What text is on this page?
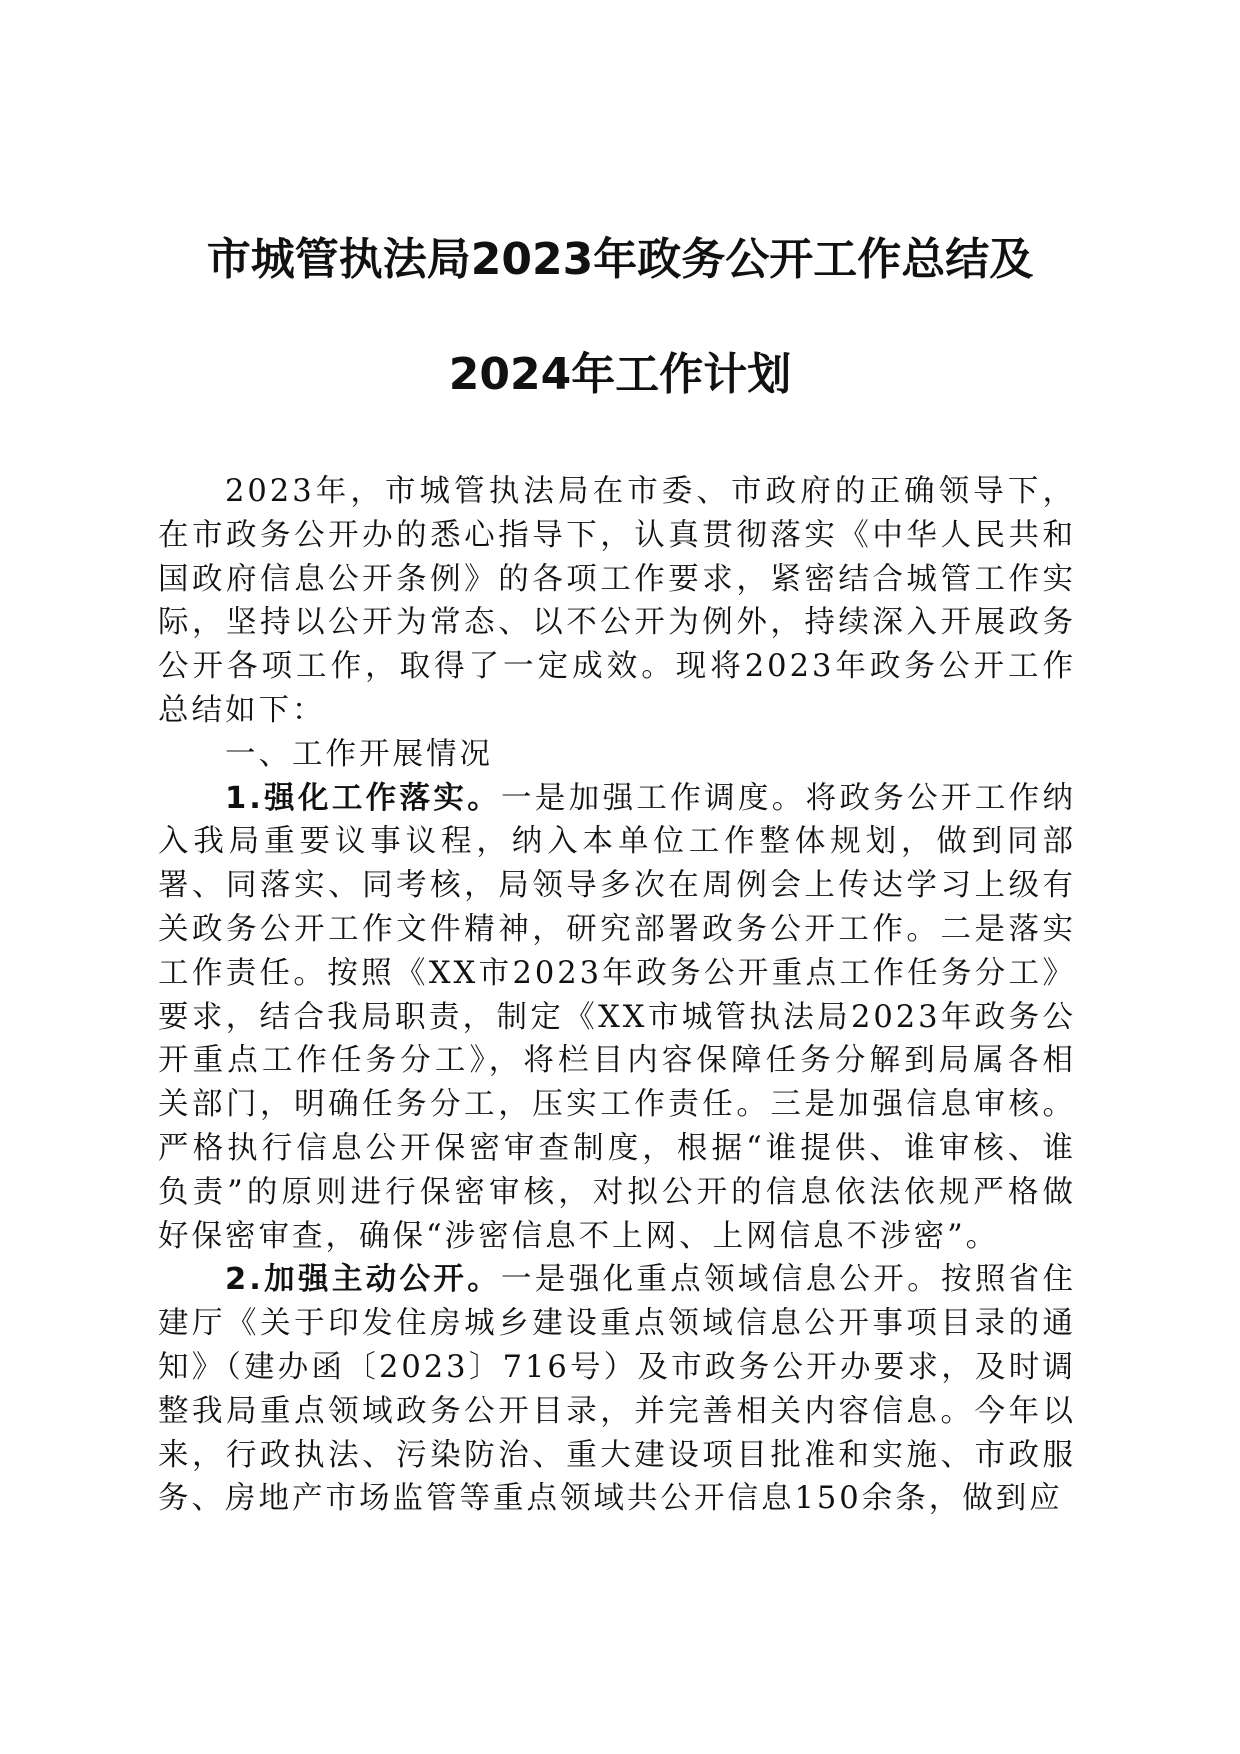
市城管执法局2023年政务公开工作总结及
2024年工作计划

2023年，市城管执法局在市委、市政府的正确领导下，在市政务公开办的悉心指导下，认真贯彻落实《中华人民共和国政府信息公开条例》的各项工作要求，紧密结合城管工作实际，坚持以公开为常态、以不公开为例外，持续深入开展政务公开各项工作，取得了一定成效。现将2023年政务公开工作总结如下：

一、工作开展情况

1.强化工作落实。一是加强工作调度。将政务公开工作纳入我局重要议事议程，纳入本单位工作整体规划，做到同部署、同落实、同考核，局领导多次在周例会上传达学习上级有关政务公开工作文件精神，研究部署政务公开工作。二是落实工作责任。按照《XX市2023年政务公开重点工作任务分工》要求，结合我局职责，制定《XX市城管执法局2023年政务公开重点工作任务分工》，将栏目内容保障任务分解到局属各相关部门，明确任务分工，压实工作责任。三是加强信息审核。严格执行信息公开保密审查制度，根据“谁提供、谁审核、谁负责”的原则进行保密审核，对拟公开的信息依法依规严格做好保密审查，确保“涉密信息不上网、上网信息不涉密”。

2.加强主动公开。一是强化重点领域信息公开。按照省住建厅《关于印发住房城乡建设重点领域信息公开事项目录的通知》（建办函〔2023〕716号）及市政务公开办要求，及时调整我局重点领域政务公开目录，并完善相关内容信息。今年以来，行政执法、污染防治、重大建设项目批准和实施、市政服务、房地产市场监管等重点领域共公开信息150余条，做到应
